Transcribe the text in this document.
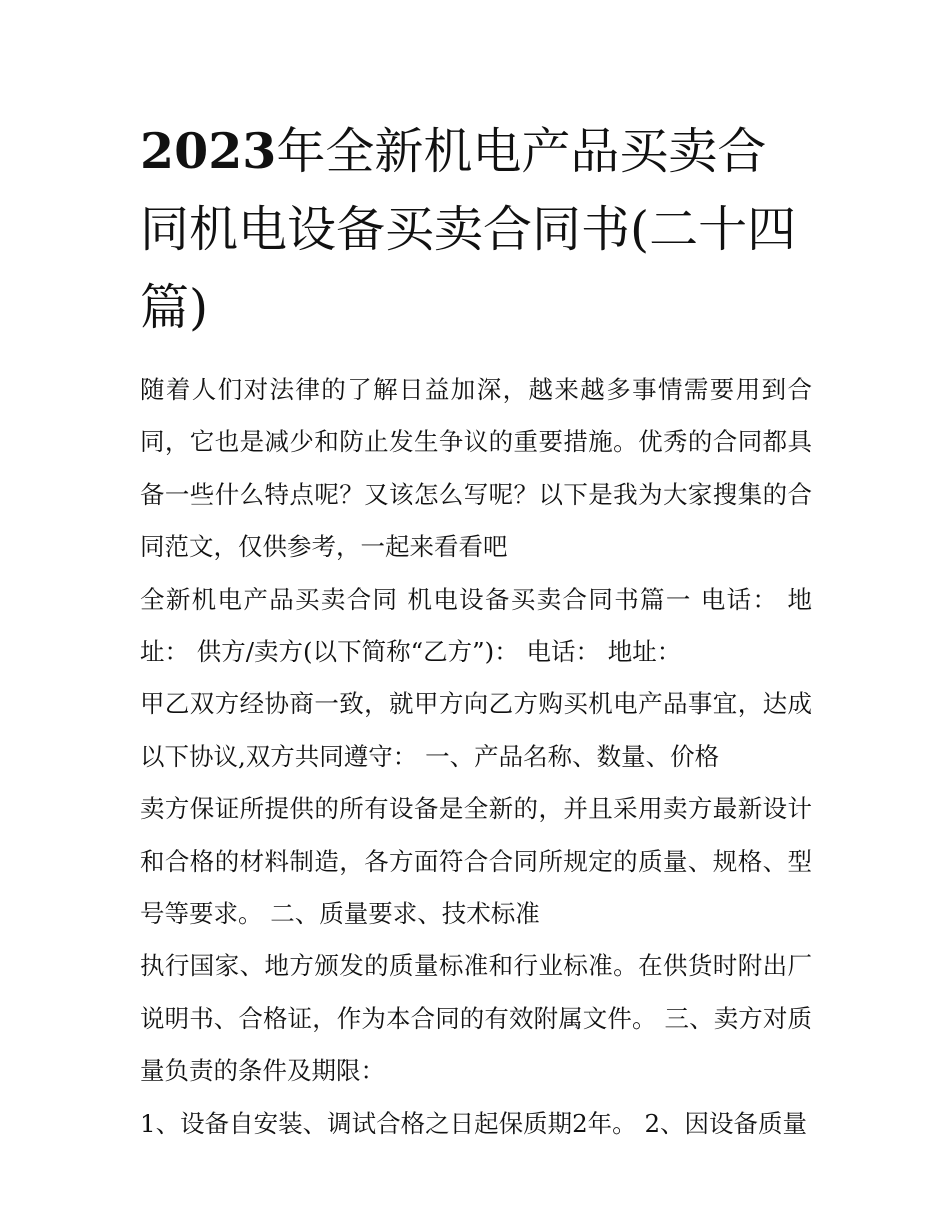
2023年全新机电产品买卖合同机电设备买卖合同书(二十四篇)

随着人们对法律的了解日益加深，越来越多事情需要用到合同，它也是减少和防止发生争议的重要措施。优秀的合同都具备一些什么特点呢？又该怎么写呢？以下是我为大家搜集的合同范文，仅供参考，一起来看看吧

全新机电产品买卖合同 机电设备买卖合同书篇一 电话： 地址： 供方/卖方(以下简称“乙方”)： 电话： 地址：

甲乙双方经协商一致，就甲方向乙方购买机电产品事宜，达成以下协议,双方共同遵守： 一、产品名称、数量、价格

卖方保证所提供的所有设备是全新的，并且采用卖方最新设计和合格的材料制造，各方面符合合同所规定的质量、规格、型号等要求。 二、质量要求、技术标准

执行国家、地方颁发的质量标准和行业标准。在供货时附出厂说明书、合格证，作为本合同的有效附属文件。 三、卖方对质量负责的条件及期限：

1、设备自安装、调试合格之日起保质期2年。 2、因设备质量
